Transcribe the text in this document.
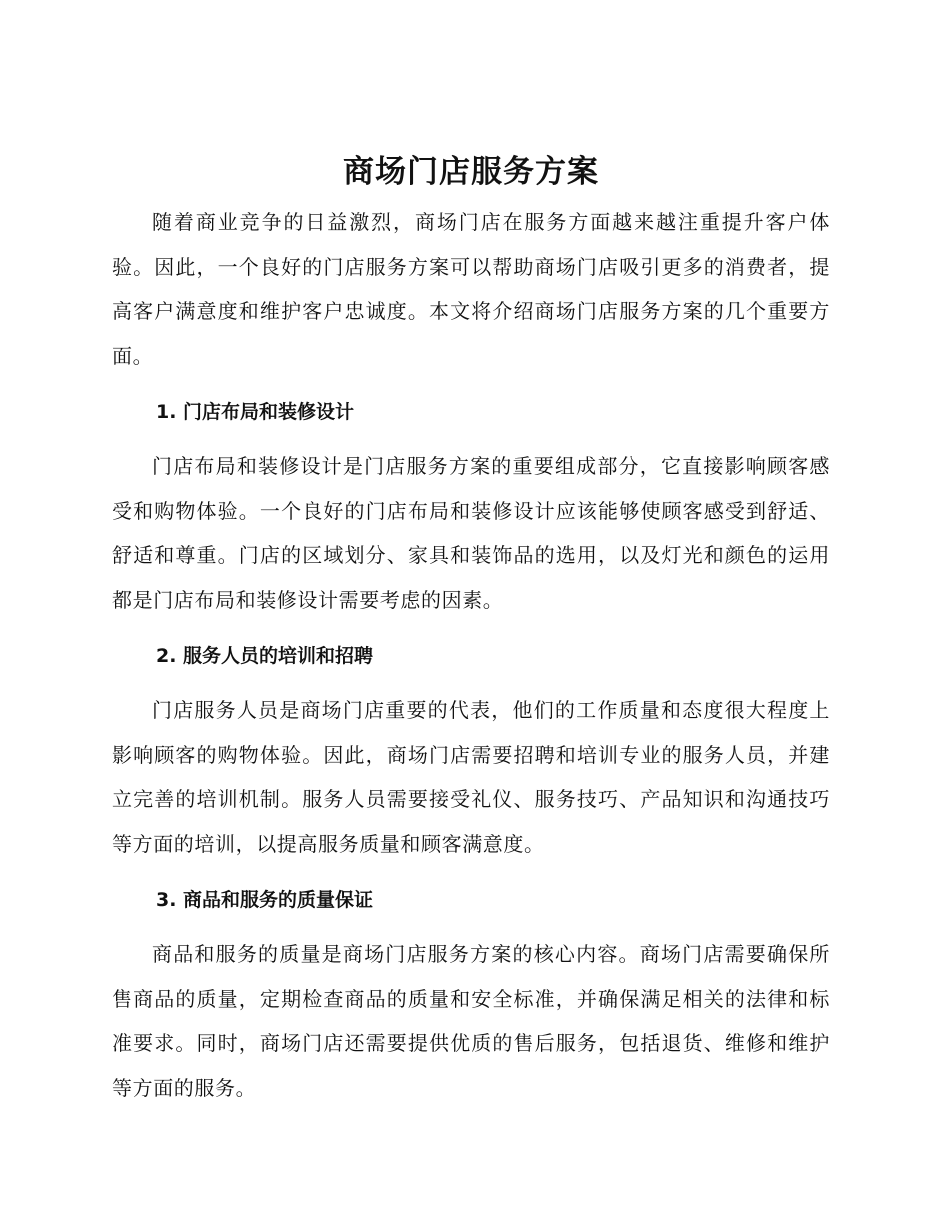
商场门店服务方案

随着商业竞争的日益激烈，商场门店在服务方面越来越注重提升客户体验。因此，一个良好的门店服务方案可以帮助商场门店吸引更多的消费者，提高客户满意度和维护客户忠诚度。本文将介绍商场门店服务方案的几个重要方面。

1. 门店布局和装修设计

门店布局和装修设计是门店服务方案的重要组成部分，它直接影响顾客感受和购物体验。一个良好的门店布局和装修设计应该能够使顾客感受到舒适、舒适和尊重。门店的区域划分、家具和装饰品的选用，以及灯光和颜色的运用都是门店布局和装修设计需要考虑的因素。

2. 服务人员的培训和招聘

门店服务人员是商场门店重要的代表，他们的工作质量和态度很大程度上影响顾客的购物体验。因此，商场门店需要招聘和培训专业的服务人员，并建立完善的培训机制。服务人员需要接受礼仪、服务技巧、产品知识和沟通技巧等方面的培训，以提高服务质量和顾客满意度。

3. 商品和服务的质量保证

商品和服务的质量是商场门店服务方案的核心内容。商场门店需要确保所售商品的质量，定期检查商品的质量和安全标准，并确保满足相关的法律和标准要求。同时，商场门店还需要提供优质的售后服务，包括退货、维修和维护等方面的服务。
